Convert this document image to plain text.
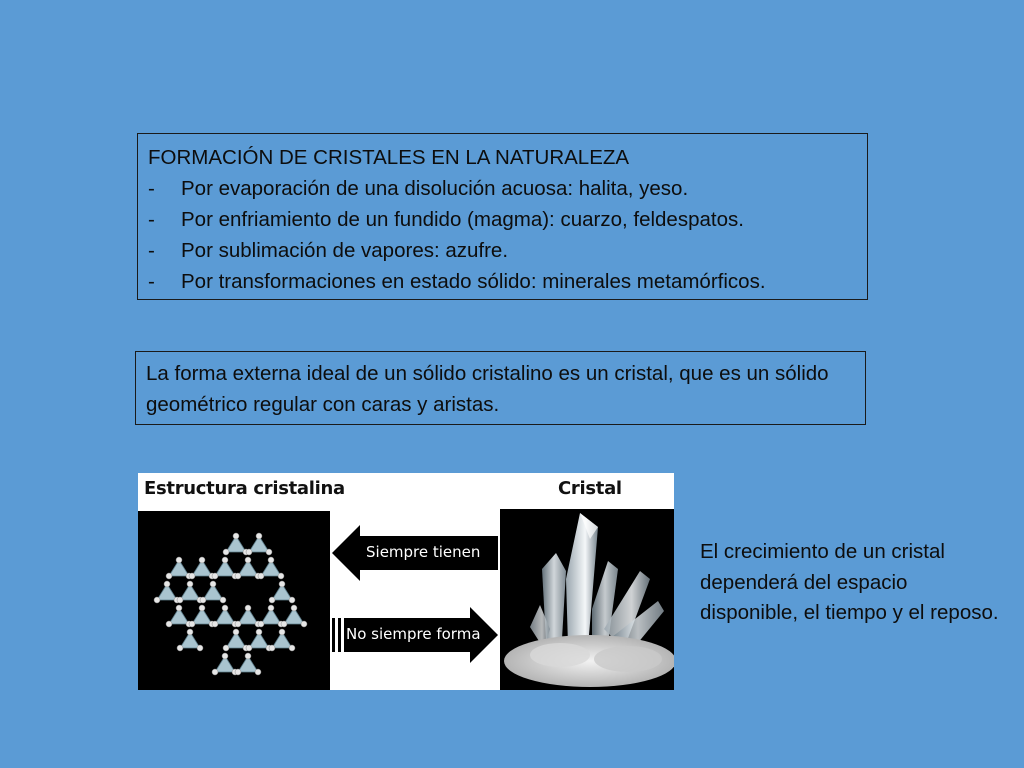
FORMACIÓN DE CRISTALES EN LA NATURALEZA
- Por evaporación de una disolución acuosa: halita, yeso.
- Por enfriamiento de un fundido (magma): cuarzo, feldespatos.
- Por sublimación de vapores: azufre.
- Por transformaciones en estado sólido: minerales metamórficos.
La forma externa ideal de un sólido cristalino es un cristal, que es un sólido geométrico regular con caras y aristas.
Estructura cristalina	Cristal
Siempre tienen
No siempre forma
El crecimiento de un cristal dependerá del espacio disponible, el tiempo y el reposo.
